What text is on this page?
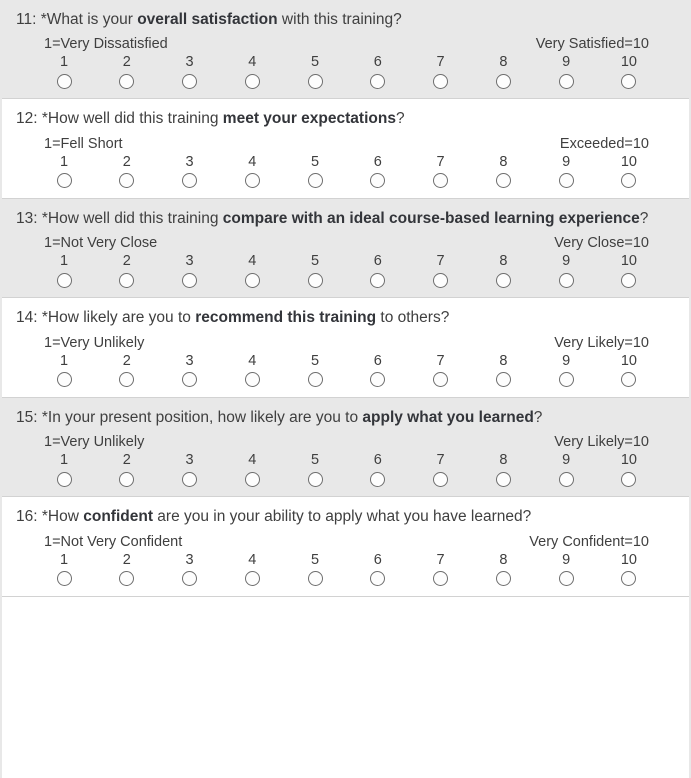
11: *What is your overall satisfaction with this training?
1=Very Dissatisfied	Very Satisfied=10
1	2	3	4	5	6	7	8	9	10
12: *How well did this training meet your expectations?
1=Fell Short	Exceeded=10
1	2	3	4	5	6	7	8	9	10
13: *How well did this training compare with an ideal course-based learning experience?
1=Not Very Close	Very Close=10
1	2	3	4	5	6	7	8	9	10
14: *How likely are you to recommend this training to others?
1=Very Unlikely	Very Likely=10
1	2	3	4	5	6	7	8	9	10
15: *In your present position, how likely are you to apply what you learned?
1=Very Unlikely	Very Likely=10
1	2	3	4	5	6	7	8	9	10
16: *How confident are you in your ability to apply what you have learned?
1=Not Very Confident	Very Confident=10
1	2	3	4	5	6	7	8	9	10
